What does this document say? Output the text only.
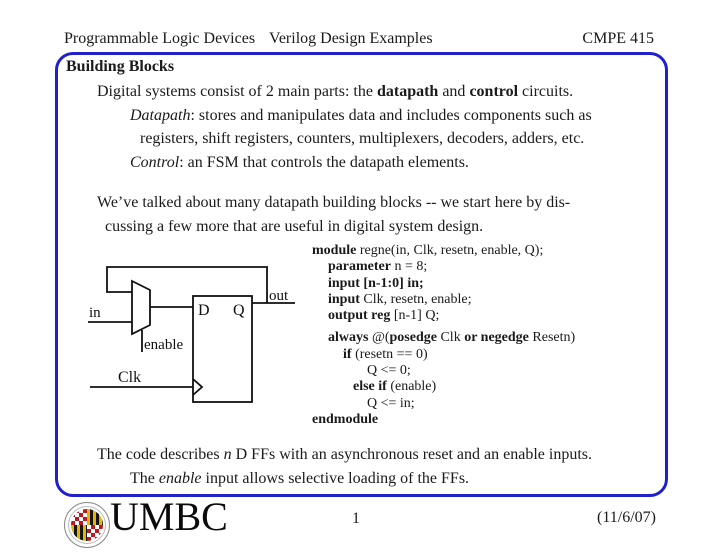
Programmable Logic Devices Verilog Design Examples	CMPE 415
Building Blocks
Digital systems consist of 2 main parts: the datapath and control circuits.
Datapath: stores and manipulates data and includes components such as
registers, shift registers, counters, multiplexers, decoders, adders, etc.
Control: an FSM that controls the datapath elements.
We’ve talked about many datapath building blocks -- we start here by dis-
cussing a few more that are useful in digital system design.
in
enable
Clk
D Q
out
module regne(in, Clk, resetn, enable, Q);
parameter n = 8;
input [n-1:0] in;
input Clk, resetn, enable;
output reg [n-1] Q;
always @(posedge Clk or negedge Resetn)
if (resetn == 0)
Q <= 0;
else if (enable)
Q <= in;
endmodule
The code describes n D FFs with an asynchronous reset and an enable inputs.
The enable input allows selective loading of the FFs.
UMBC	1	(11/6/07)
